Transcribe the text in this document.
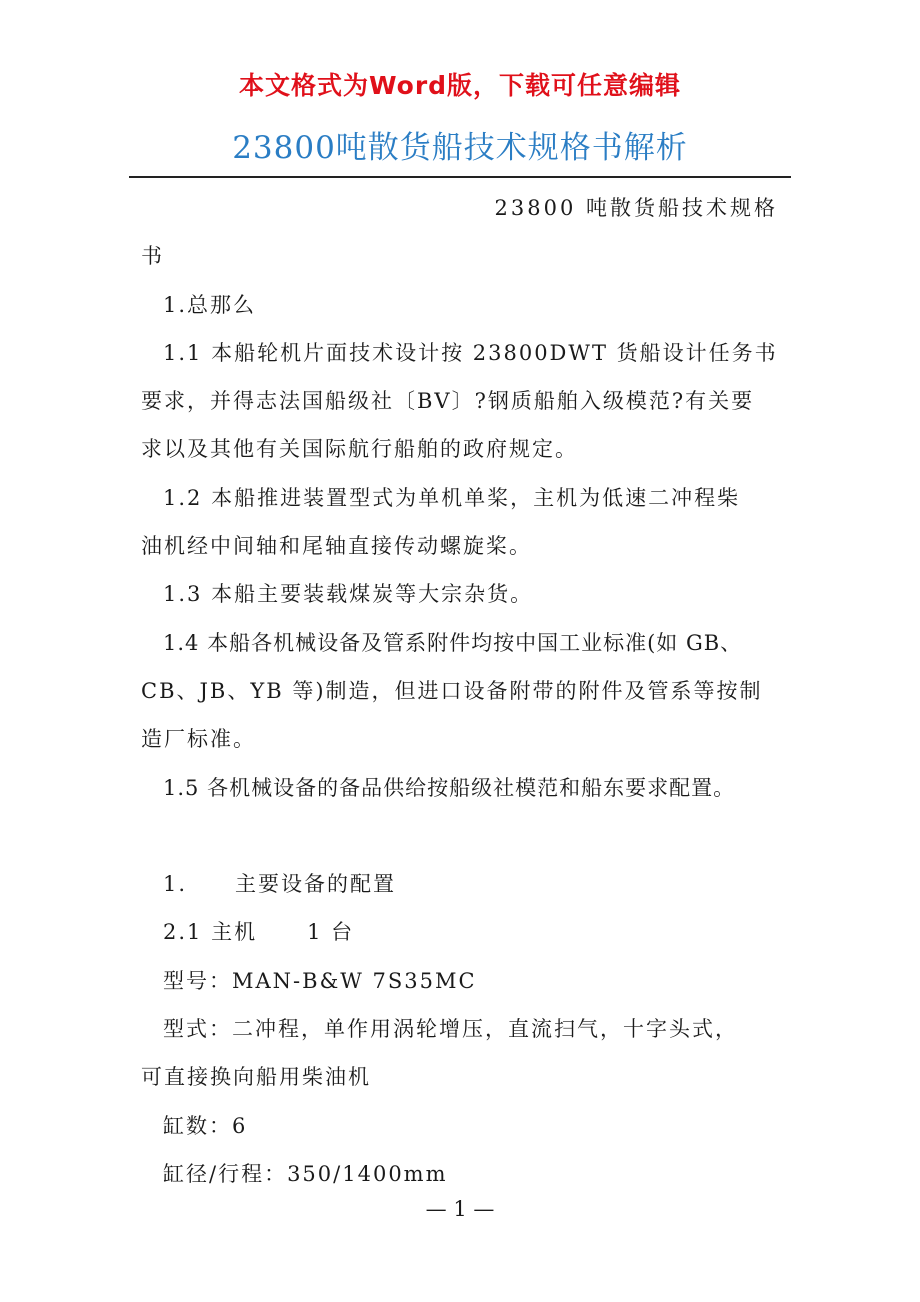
本文格式为Word版，下载可任意编辑
23800吨散货船技术规格书解析
23800 吨散货船技术规格
书
1.总那么
1.1 本船轮机片面技术设计按 23800DWT 货船设计任务书
要求，并得志法国船级社〔BV〕?钢质船舶入级模范?有关要
求以及其他有关国际航行船舶的政府规定。
1.2 本船推进装置型式为单机单桨，主机为低速二冲程柴
油机经中间轴和尾轴直接传动螺旋桨。
1.3 本船主要装载煤炭等大宗杂货。
1.4 本船各机械设备及管系附件均按中国工业标准(如 GB、
CB、JB、YB 等)制造，但进口设备附带的附件及管系等按制
造厂标准。
1.5 各机械设备的备品供给按船级社模范和船东要求配置。
1. 主要设备的配置
2.1 主机 1 台
型号：MAN-B&W 7S35MC
型式：二冲程，单作用涡轮增压，直流扫气，十字头式，
可直接换向船用柴油机
缸数：6
缸径/行程：350/1400mm
— 1 —
